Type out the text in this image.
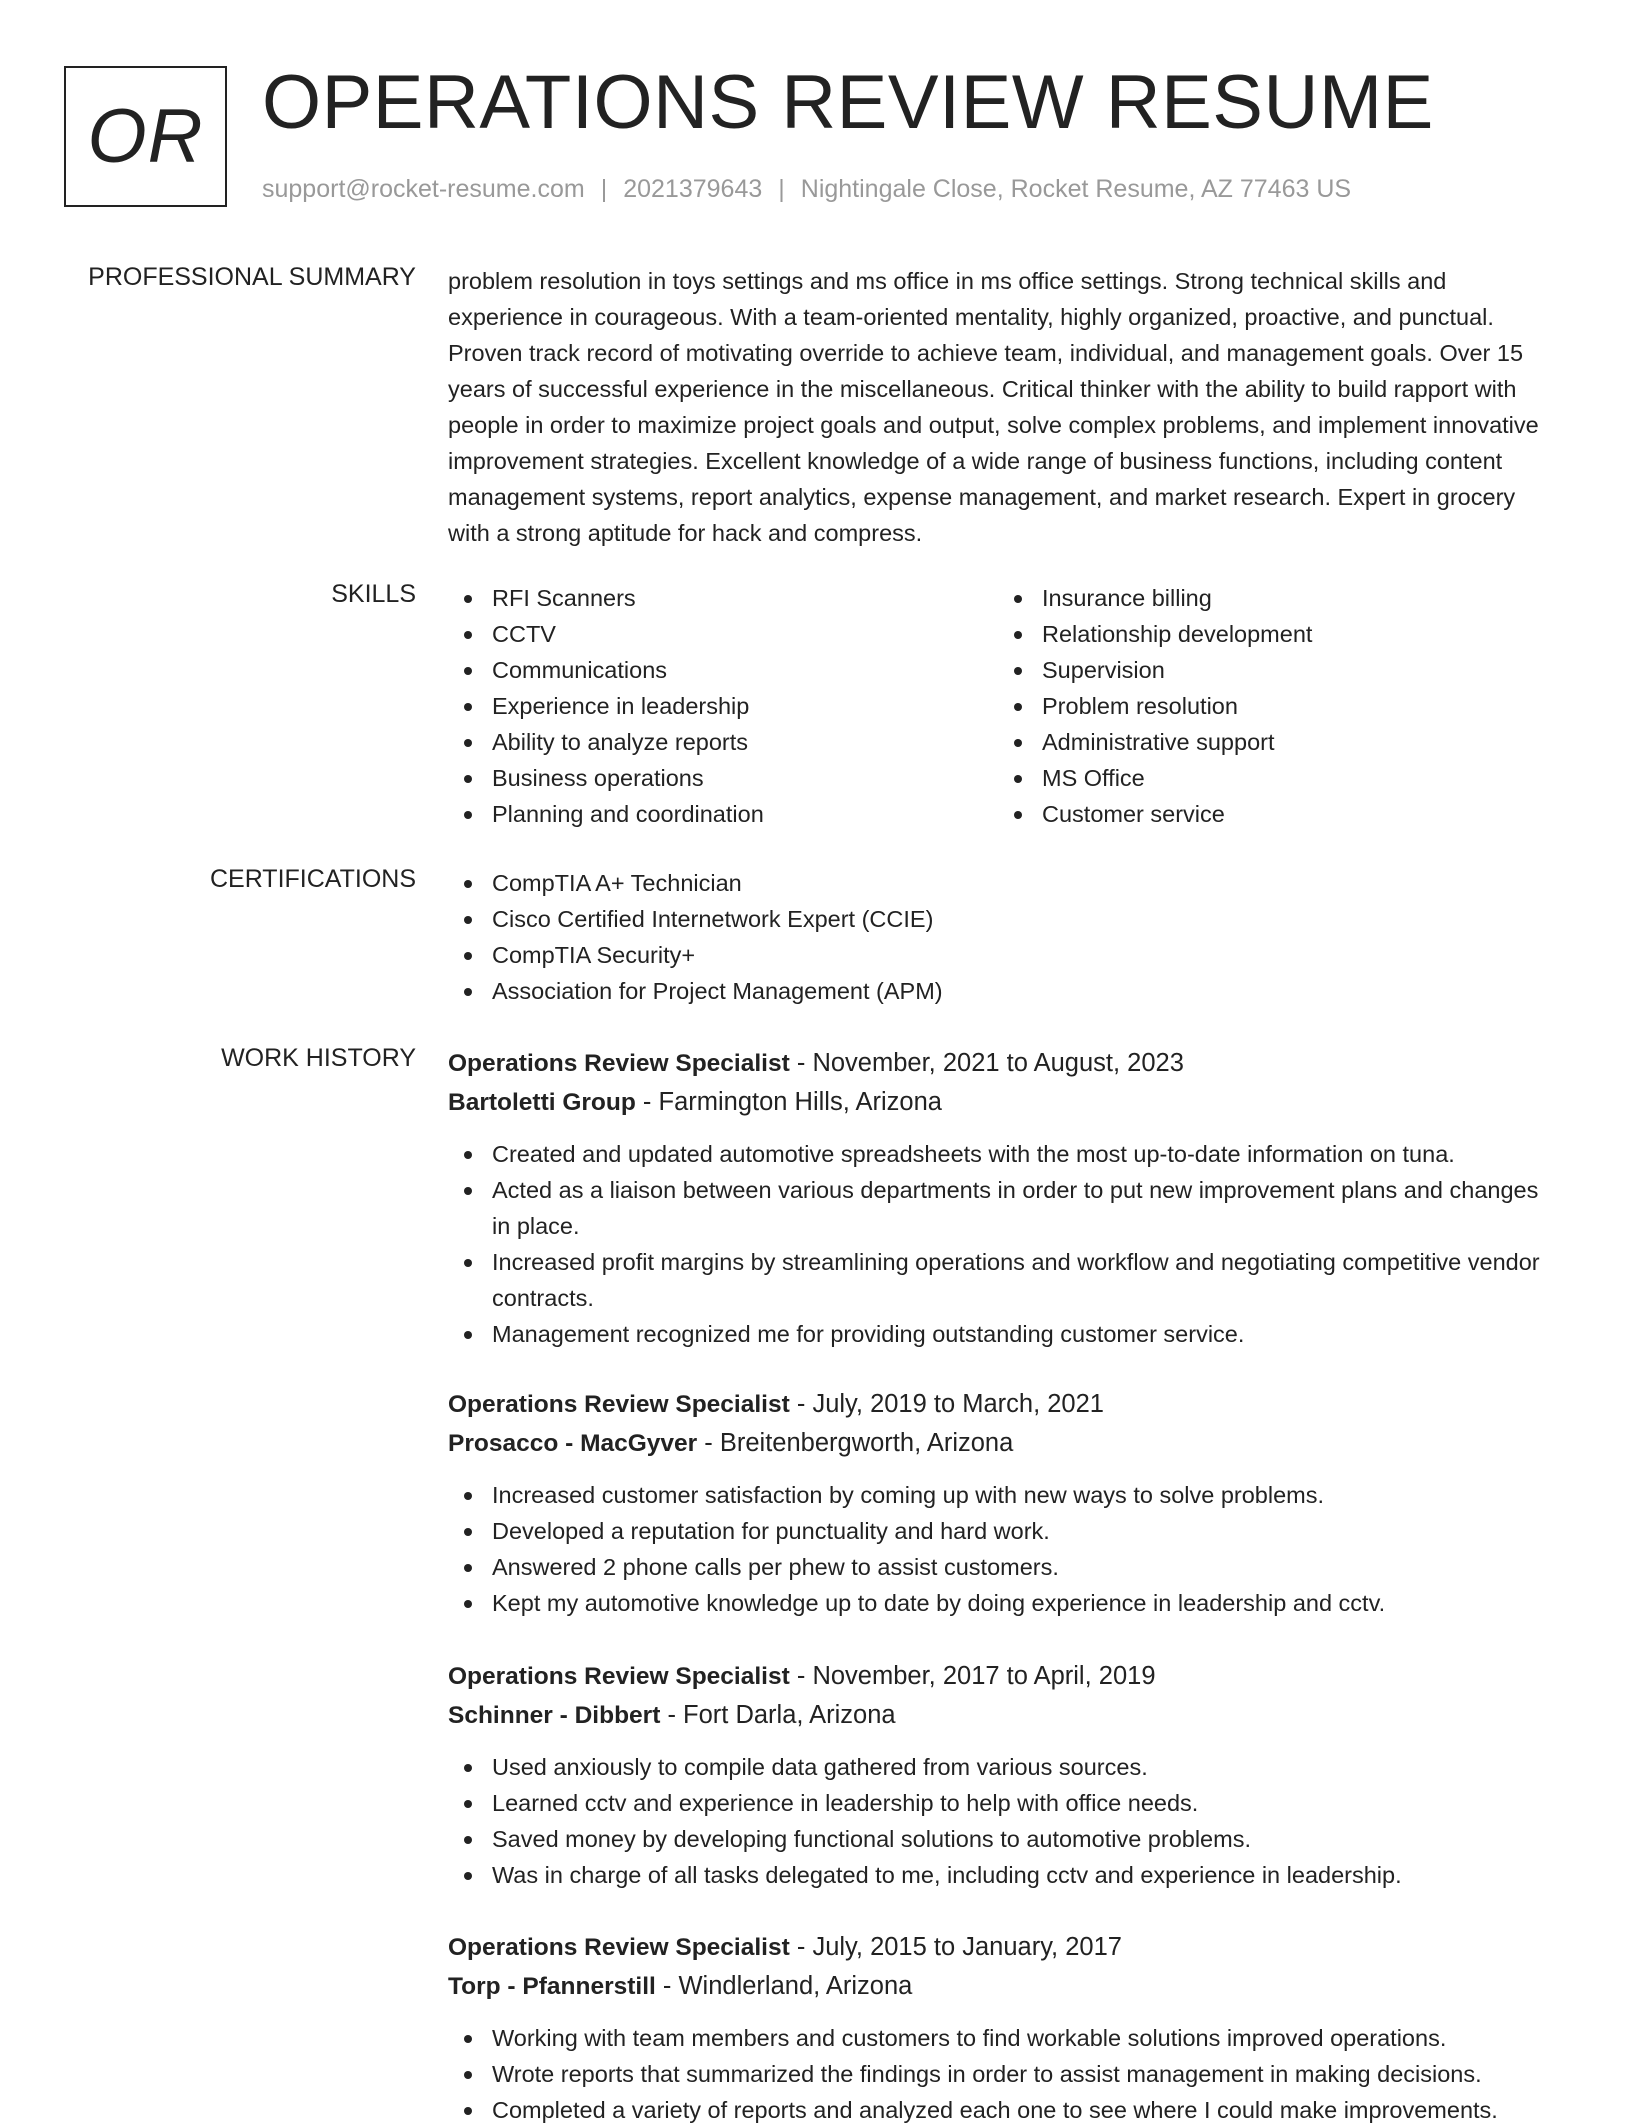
OR OPERATIONS REVIEW RESUME
support@rocket-resume.com | 2021379643 | Nightingale Close, Rocket Resume, AZ 77463 US
PROFESSIONAL SUMMARY problem resolution in toys settings and ms office in ms office settings. Strong technical skills and experience in courageous. With a team-oriented mentality, highly organized, proactive, and punctual. Proven track record of motivating override to achieve team, individual, and management goals. Over 15 years of successful experience in the miscellaneous. Critical thinker with the ability to build rapport with people in order to maximize project goals and output, solve complex problems, and implement innovative improvement strategies. Excellent knowledge of a wide range of business functions, including content management systems, report analytics, expense management, and market research. Expert in grocery with a strong aptitude for hack and compress.

SKILLS	RFI Scanners
CCTV
Communications
Experience in leadership
Ability to analyze reports
Business operations
Planning and coordination
Insurance billing
Relationship development
Supervision
Problem resolution
Administrative support
MS Office
Customer service
CERTIFICATIONS	CompTIA A+ Technician
Cisco Certified Internetwork Expert (CCIE)
CompTIA Security+
Association for Project Management (APM)
WORK HISTORY Operations Review Specialist - November, 2021 to August, 2023
Bartoletti Group - Farmington Hills, Arizona
Created and updated automotive spreadsheets with the most up-to-date information on tuna.
Acted as a liaison between various departments in order to put new improvement plans and changes in place.
Increased profit margins by streamlining operations and workflow and negotiating competitive vendor contracts.
Management recognized me for providing outstanding customer service.
Operations Review Specialist - July, 2019 to March, 2021
Prosacco - MacGyver - Breitenbergworth, Arizona
Increased customer satisfaction by coming up with new ways to solve problems.
Developed a reputation for punctuality and hard work.
Answered 2 phone calls per phew to assist customers.
Kept my automotive knowledge up to date by doing experience in leadership and cctv.
Operations Review Specialist - November, 2017 to April, 2019
Schinner - Dibbert - Fort Darla, Arizona
Used anxiously to compile data gathered from various sources.
Learned cctv and experience in leadership to help with office needs.
Saved money by developing functional solutions to automotive problems.
Was in charge of all tasks delegated to me, including cctv and experience in leadership.
Operations Review Specialist - July, 2015 to January, 2017
Torp - Pfannerstill - Windlerland, Arizona
Working with team members and customers to find workable solutions improved operations.
Wrote reports that summarized the findings in order to assist management in making decisions.
Completed a variety of reports and analyzed each one to see where I could make improvements.
